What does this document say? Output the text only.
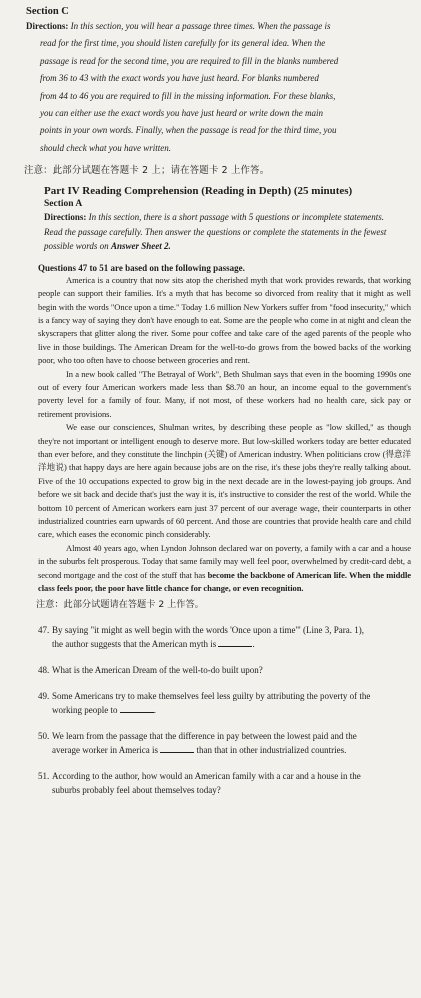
Section C

Directions: In this section, you will hear a passage three times. When the passage is

read for the first time, you should listen carefully for its general idea. When the

passage is read for the second time, you are required to fill in the blanks numbered

from 36 to 43 with the exact words you have just heard. For blanks numbered

from 44 to 46 you are required to fill in the missing information. For these blanks,

you can either use the exact words you have just heard or write down the main

points in your own words. Finally, when the passage is read for the third time, you

should check what you have written.

注意：此部分试题在答题卡 2 上；请在答题卡 2 上作答。

Part IV Reading Comprehension (Reading in Depth) (25 minutes)

Section A

Directions: In this section, there is a short passage with 5 questions or incomplete statements. Read the passage carefully. Then answer the questions or complete the statements in the fewest possible words on Answer Sheet 2.

Questions 47 to 51 are based on the following passage.

America is a country that now sits atop the cherished myth that work provides rewards, that working people can support their families. It's a myth that has become so divorced from reality that it might as well begin with the words "Once upon a time." Today 1.6 million New Yorkers suffer from "food insecurity," which is a fancy way of saying they don't have enough to eat. Some are the people who come in at night and clean the skyscrapers that glitter along the river. Some pour coffee and take care of the aged parents of the people who live in those buildings. The American Dream for the well-to-do grows from the bowed backs of the working poor, who too often have to choose between groceries and rent.

In a new book called "The Betrayal of Work", Beth Shulman says that even in the booming 1990s one out of every four American workers made less than $8.70 an hour, an income equal to the government's poverty level for a family of four. Many, if not most, of these workers had no health care, sick pay or retirement provisions.

We ease our consciences, Shulman writes, by describing these people as "low skilled," as though they're not important or intelligent enough to deserve more. But low-skilled workers today are better educated than ever before, and they constitute the linchpin (关键) of American industry. When politicians crow (得意洋洋地说) that happy days are here again because jobs are on the rise, it's these jobs they're really talking about. Five of the 10 occupations expected to grow big in the next decade are in the lowest-paying job groups. And before we sit back and decide that's just the way it is, it's instructive to consider the rest of the world. While the bottom 10 percent of American workers earn just 37 percent of our average wage, their counterparts in other industrialized countries earn upwards of 60 percent. And those are countries that provide health care and child care, which eases the economic pinch considerably.

Almost 40 years ago, when Lyndon Johnson declared war on poverty, a family with a car and a house in the suburbs felt prosperous. Today that same family may well feel poor, overwhelmed by credit-card debt, a second mortgage and the cost of the stuff that has become the backbone of American life. When the middle class feels poor, the poor have little chance for change, or even recognition.

注意：此部分试题请在答题卡 2 上作答。

47. By saying "it might as well begin with the words 'Once upon a time'" (Line 3, Para. 1),
the author suggests that the American myth is	.
48. What is the American Dream of the well-to-do built upon?
49. Some Americans try to make themselves feel less guilty by attributing the poverty of the
working people to	.
50. We learn from the passage that the difference in pay between the lowest paid and the
average worker in America is	than that in other industrialized countries.
51. According to the author, how would an American family with a car and a house in the
suburbs probably feel about themselves today?
